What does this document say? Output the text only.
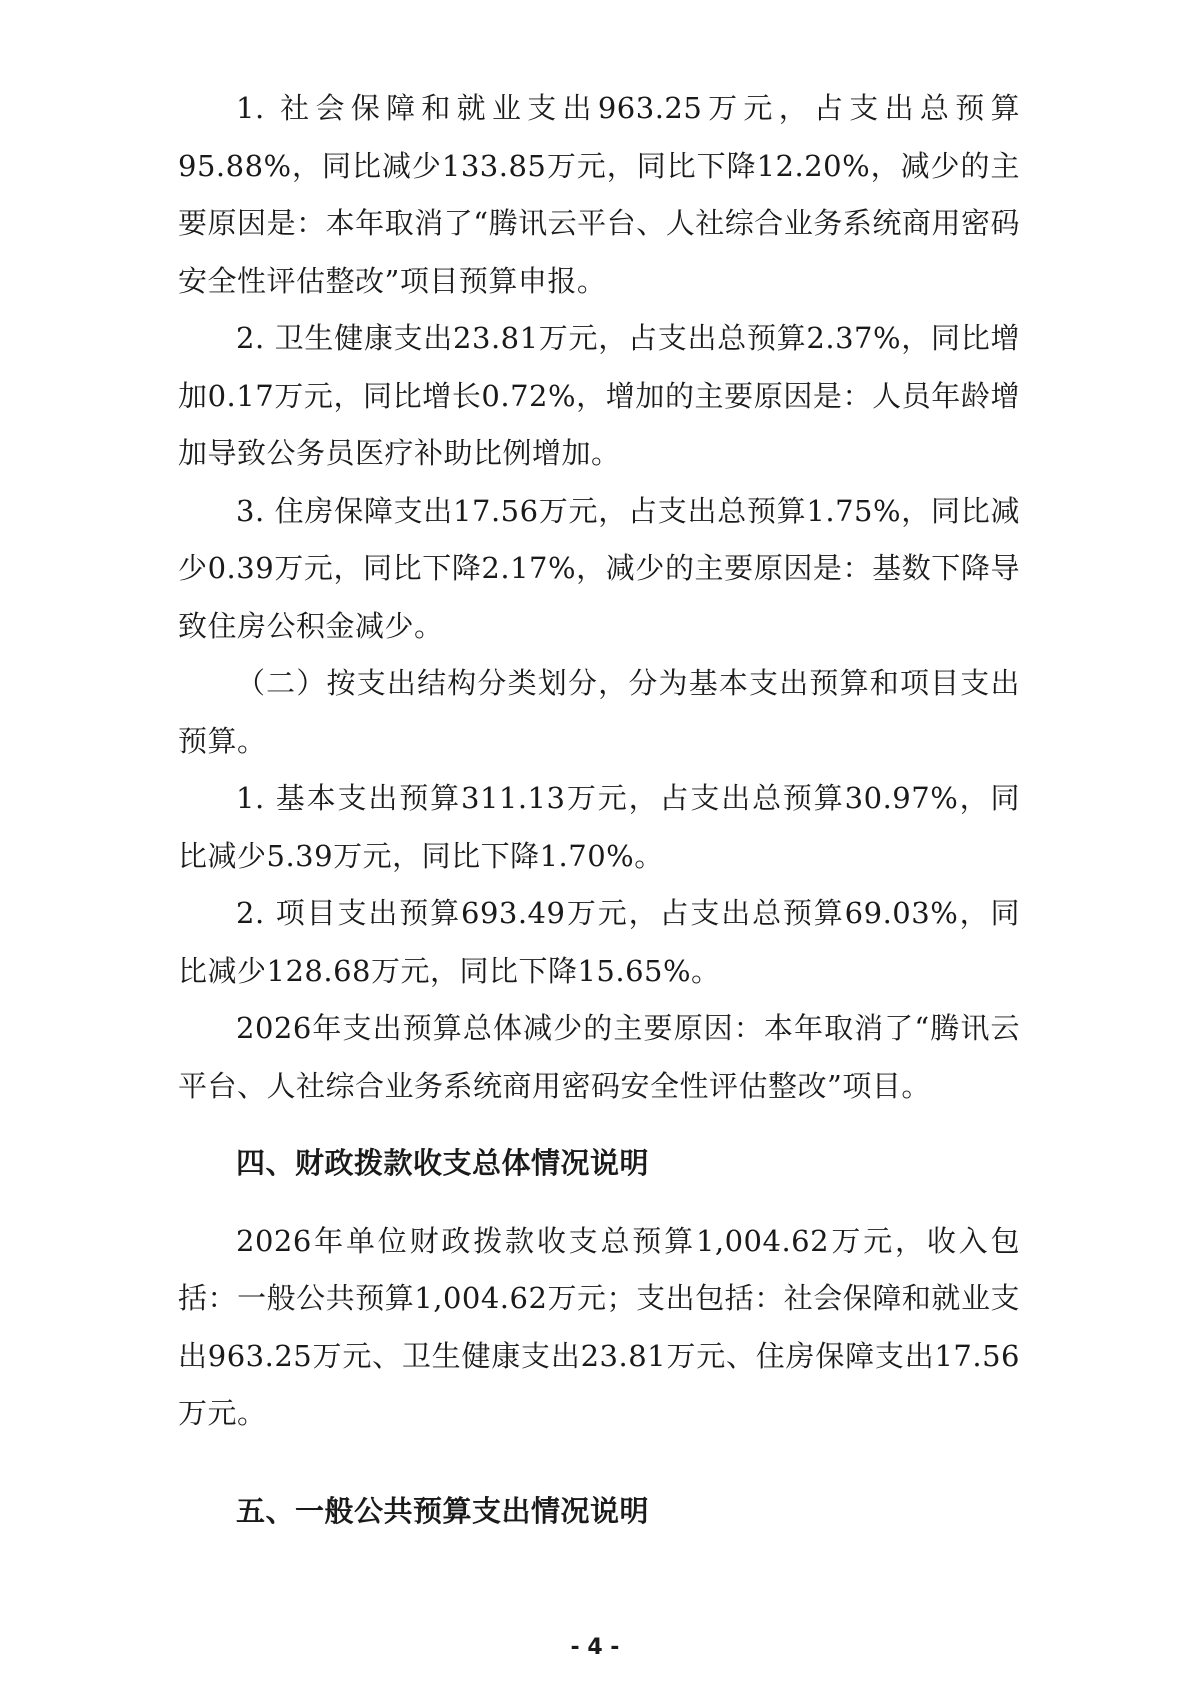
1. 社会保障和就业支出963.25万元，占支出总预算95.88%，同比减少133.85万元，同比下降12.20%，减少的主要原因是：本年取消了“腾讯云平台、人社综合业务系统商用密码安全性评估整改”项目预算申报。

2. 卫生健康支出23.81万元，占支出总预算2.37%，同比增加0.17万元，同比增长0.72%，增加的主要原因是：人员年龄增加导致公务员医疗补助比例增加。

3. 住房保障支出17.56万元，占支出总预算1.75%，同比减少0.39万元，同比下降2.17%，减少的主要原因是：基数下降导致住房公积金减少。

（二）按支出结构分类划分，分为基本支出预算和项目支出预算。

1. 基本支出预算311.13万元，占支出总预算30.97%，同比减少5.39万元，同比下降1.70%。

2. 项目支出预算693.49万元，占支出总预算69.03%，同比减少128.68万元，同比下降15.65%。

2026年支出预算总体减少的主要原因：本年取消了“腾讯云平台、人社综合业务系统商用密码安全性评估整改”项目。

四、财政拨款收支总体情况说明

2026年单位财政拨款收支总预算1,004.62万元，收入包括：一般公共预算1,004.62万元；支出包括：社会保障和就业支出963.25万元、卫生健康支出23.81万元、住房保障支出17.56万元。

五、一般公共预算支出情况说明

- 4 -
